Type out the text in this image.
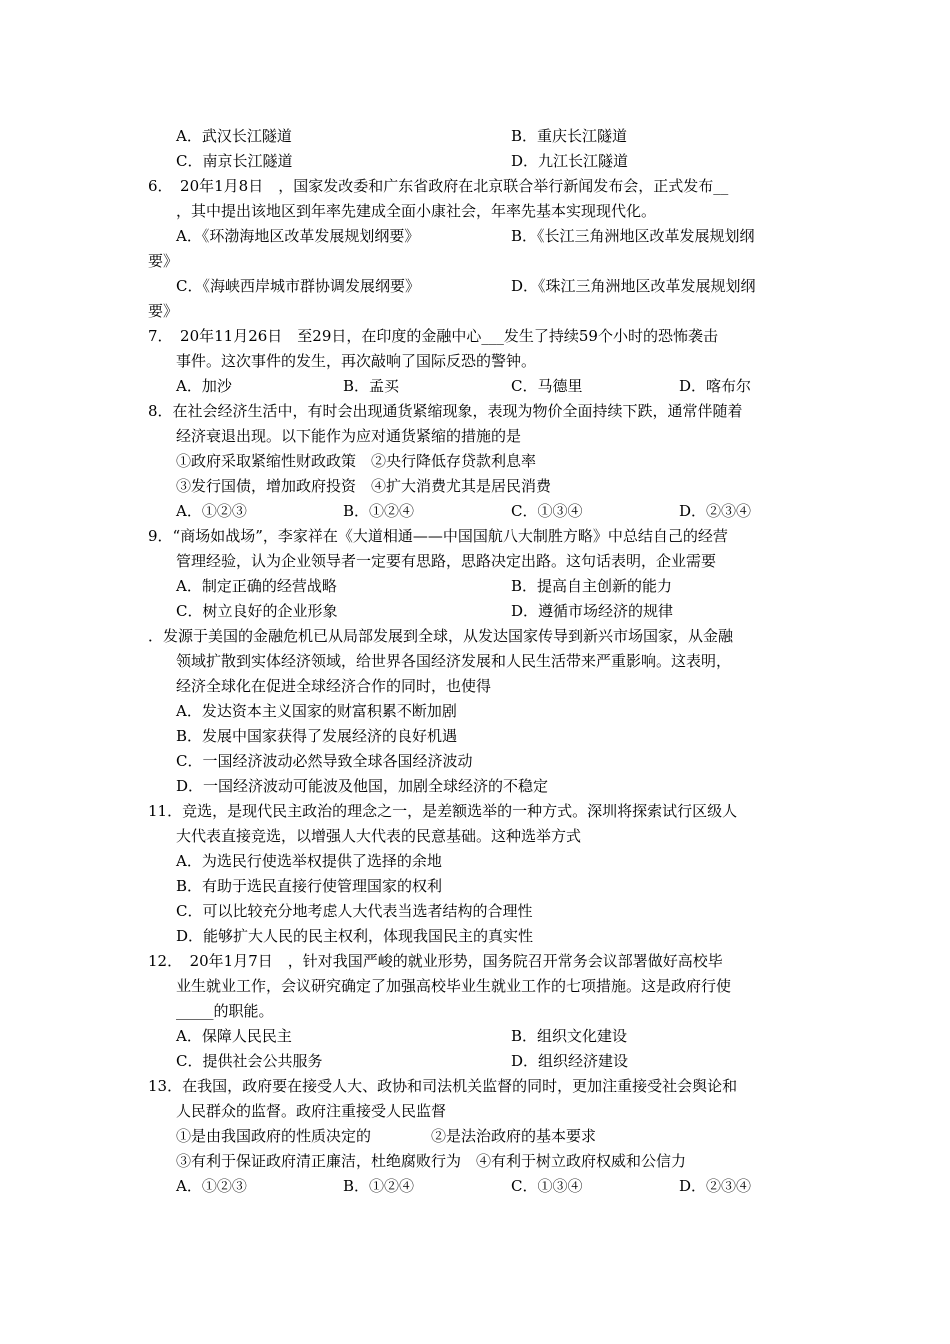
A．武汉长江隧道	B．重庆长江隧道
C．南京长江隧道	D．九江长江隧道
6．　20年1月8日　，国家发改委和广东省政府在北京联合举行新闻发布会，正式发布__
，其中提出该地区到年率先建成全面小康社会，年率先基本实现现代化。
A．《环渤海地区改革发展规划纲要》	B．《长江三角洲地区改革发展规划纲
要》
C．《海峡西岸城市群协调发展纲要》	D．《珠江三角洲地区改革发展规划纲
要》
7．　20年11月26日　至29日，在印度的金融中心___发生了持续59个小时的恐怖袭击
事件。这次事件的发生，再次敲响了国际反恐的警钟。
A．加沙	B．孟买	C．马德里	D．喀布尔
8．在社会经济生活中，有时会出现通货紧缩现象，表现为物价全面持续下跌，通常伴随着
经济衰退出现。以下能作为应对通货紧缩的措施的是
①政府采取紧缩性财政政策　②央行降低存贷款利息率
③发行国债，增加政府投资　④扩大消费尤其是居民消费
A．①②③	B．①②④	C．①③④	D．②③④
9．“商场如战场”，李家祥在《大道相通——中国国航八大制胜方略》中总结自己的经营
管理经验，认为企业领导者一定要有思路，思路决定出路。这句话表明，企业需要
A．制定正确的经营战略	B．提高自主创新的能力
C．树立良好的企业形象	D．遵循市场经济的规律
．发源于美国的金融危机已从局部发展到全球，从发达国家传导到新兴市场国家，从金融
领域扩散到实体经济领域，给世界各国经济发展和人民生活带来严重影响。这表明，
经济全球化在促进全球经济合作的同时，也使得
A．发达资本主义国家的财富积累不断加剧
B．发展中国家获得了发展经济的良好机遇
C．一国经济波动必然导致全球各国经济波动
D．一国经济波动可能波及他国，加剧全球经济的不稳定
11．竞选，是现代民主政治的理念之一，是差额选举的一种方式。深圳将探索试行区级人
大代表直接竞选，以增强人大代表的民意基础。这种选举方式
A．为选民行使选举权提供了选择的余地
B．有助于选民直接行使管理国家的权利
C．可以比较充分地考虑人大代表当选者结构的合理性
D．能够扩大人民的民主权利，体现我国民主的真实性
12．　20年1月7日　，针对我国严峻的就业形势，国务院召开常务会议部署做好高校毕
业生就业工作，会议研究确定了加强高校毕业生就业工作的七项措施。这是政府行使
_____的职能。
A．保障人民民主	B．组织文化建设
C．提供社会公共服务	D．组织经济建设
13．在我国，政府要在接受人大、政协和司法机关监督的同时，更加注重接受社会舆论和
人民群众的监督。政府注重接受人民监督
①是由我国政府的性质决定的　　　　②是法治政府的基本要求
③有利于保证政府清正廉洁，杜绝腐败行为　④有利于树立政府权威和公信力
A．①②③	B．①②④	C．①③④	D．②③④
